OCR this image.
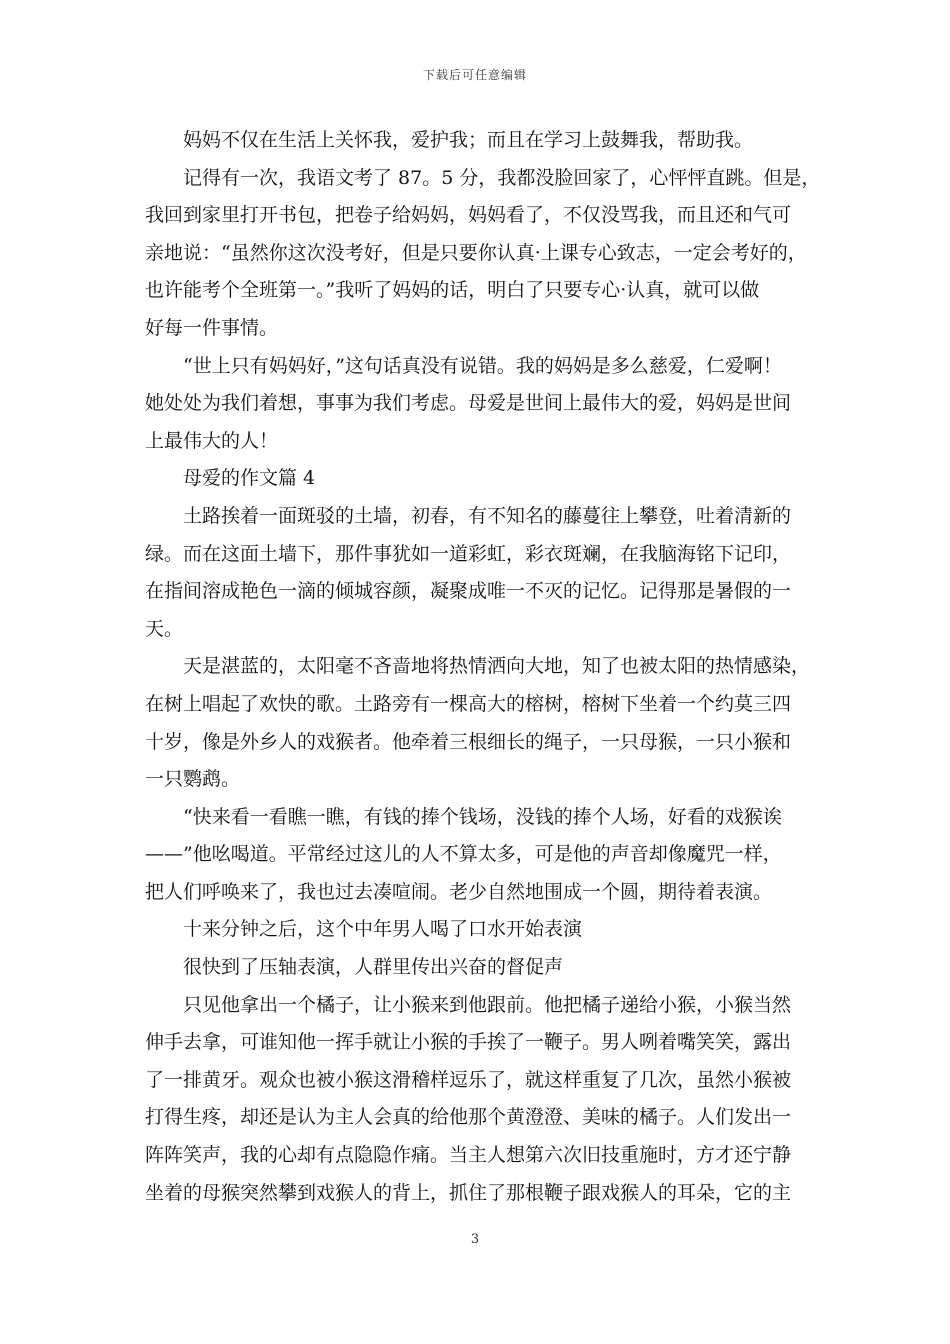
下载后可任意编辑
　　妈妈不仅在生活上关怀我，爱护我；而且在学习上鼓舞我，帮助我。
　　记得有一次，我语文考了 87。5 分，我都没脸回家了，心怦怦直跳。但是，
我回到家里打开书包，把卷子给妈妈，妈妈看了，不仅没骂我，而且还和气可
亲地说：“虽然你这次没考好，但是只要你认真·上课专心致志，一定会考好的，
也许能考个全班第一。”我听了妈妈的话，明白了只要专心·认真，就可以做
好每一件事情。
　　“世上只有妈妈好，”这句话真没有说错。我的妈妈是多么慈爱，仁爱啊！
她处处为我们着想，事事为我们考虑。母爱是世间上最伟大的爱，妈妈是世间
上最伟大的人！
　　母爱的作文篇 4
　　土路挨着一面斑驳的土墙，初春，有不知名的藤蔓往上攀登，吐着清新的
绿。而在这面土墙下，那件事犹如一道彩虹，彩衣斑斓，在我脑海铭下记印，
在指间溶成艳色一滴的倾城容颜，凝聚成唯一不灭的记忆。记得那是暑假的一
天。
　　天是湛蓝的，太阳毫不吝啬地将热情洒向大地，知了也被太阳的热情感染，
在树上唱起了欢快的歌。土路旁有一棵高大的榕树，榕树下坐着一个约莫三四
十岁，像是外乡人的戏猴者。他牵着三根细长的绳子，一只母猴，一只小猴和
一只鹦鹉。
　　“快来看一看瞧一瞧，有钱的捧个钱场，没钱的捧个人场，好看的戏猴诶
——”他吆喝道。平常经过这儿的人不算太多，可是他的声音却像魔咒一样，
把人们呼唤来了，我也过去凑喧闹。老少自然地围成一个圆，期待着表演。
　　十来分钟之后，这个中年男人喝了口水开始表演
　　很快到了压轴表演，人群里传出兴奋的督促声
　　只见他拿出一个橘子，让小猴来到他跟前。他把橘子递给小猴，小猴当然
伸手去拿，可谁知他一挥手就让小猴的手挨了一鞭子。男人咧着嘴笑笑，露出
了一排黄牙。观众也被小猴这滑稽样逗乐了，就这样重复了几次，虽然小猴被
打得生疼，却还是认为主人会真的给他那个黄澄澄、美味的橘子。人们发出一
阵阵笑声，我的心却有点隐隐作痛。当主人想第六次旧技重施时，方才还宁静
坐着的母猴突然攀到戏猴人的背上，抓住了那根鞭子跟戏猴人的耳朵，它的主
3
